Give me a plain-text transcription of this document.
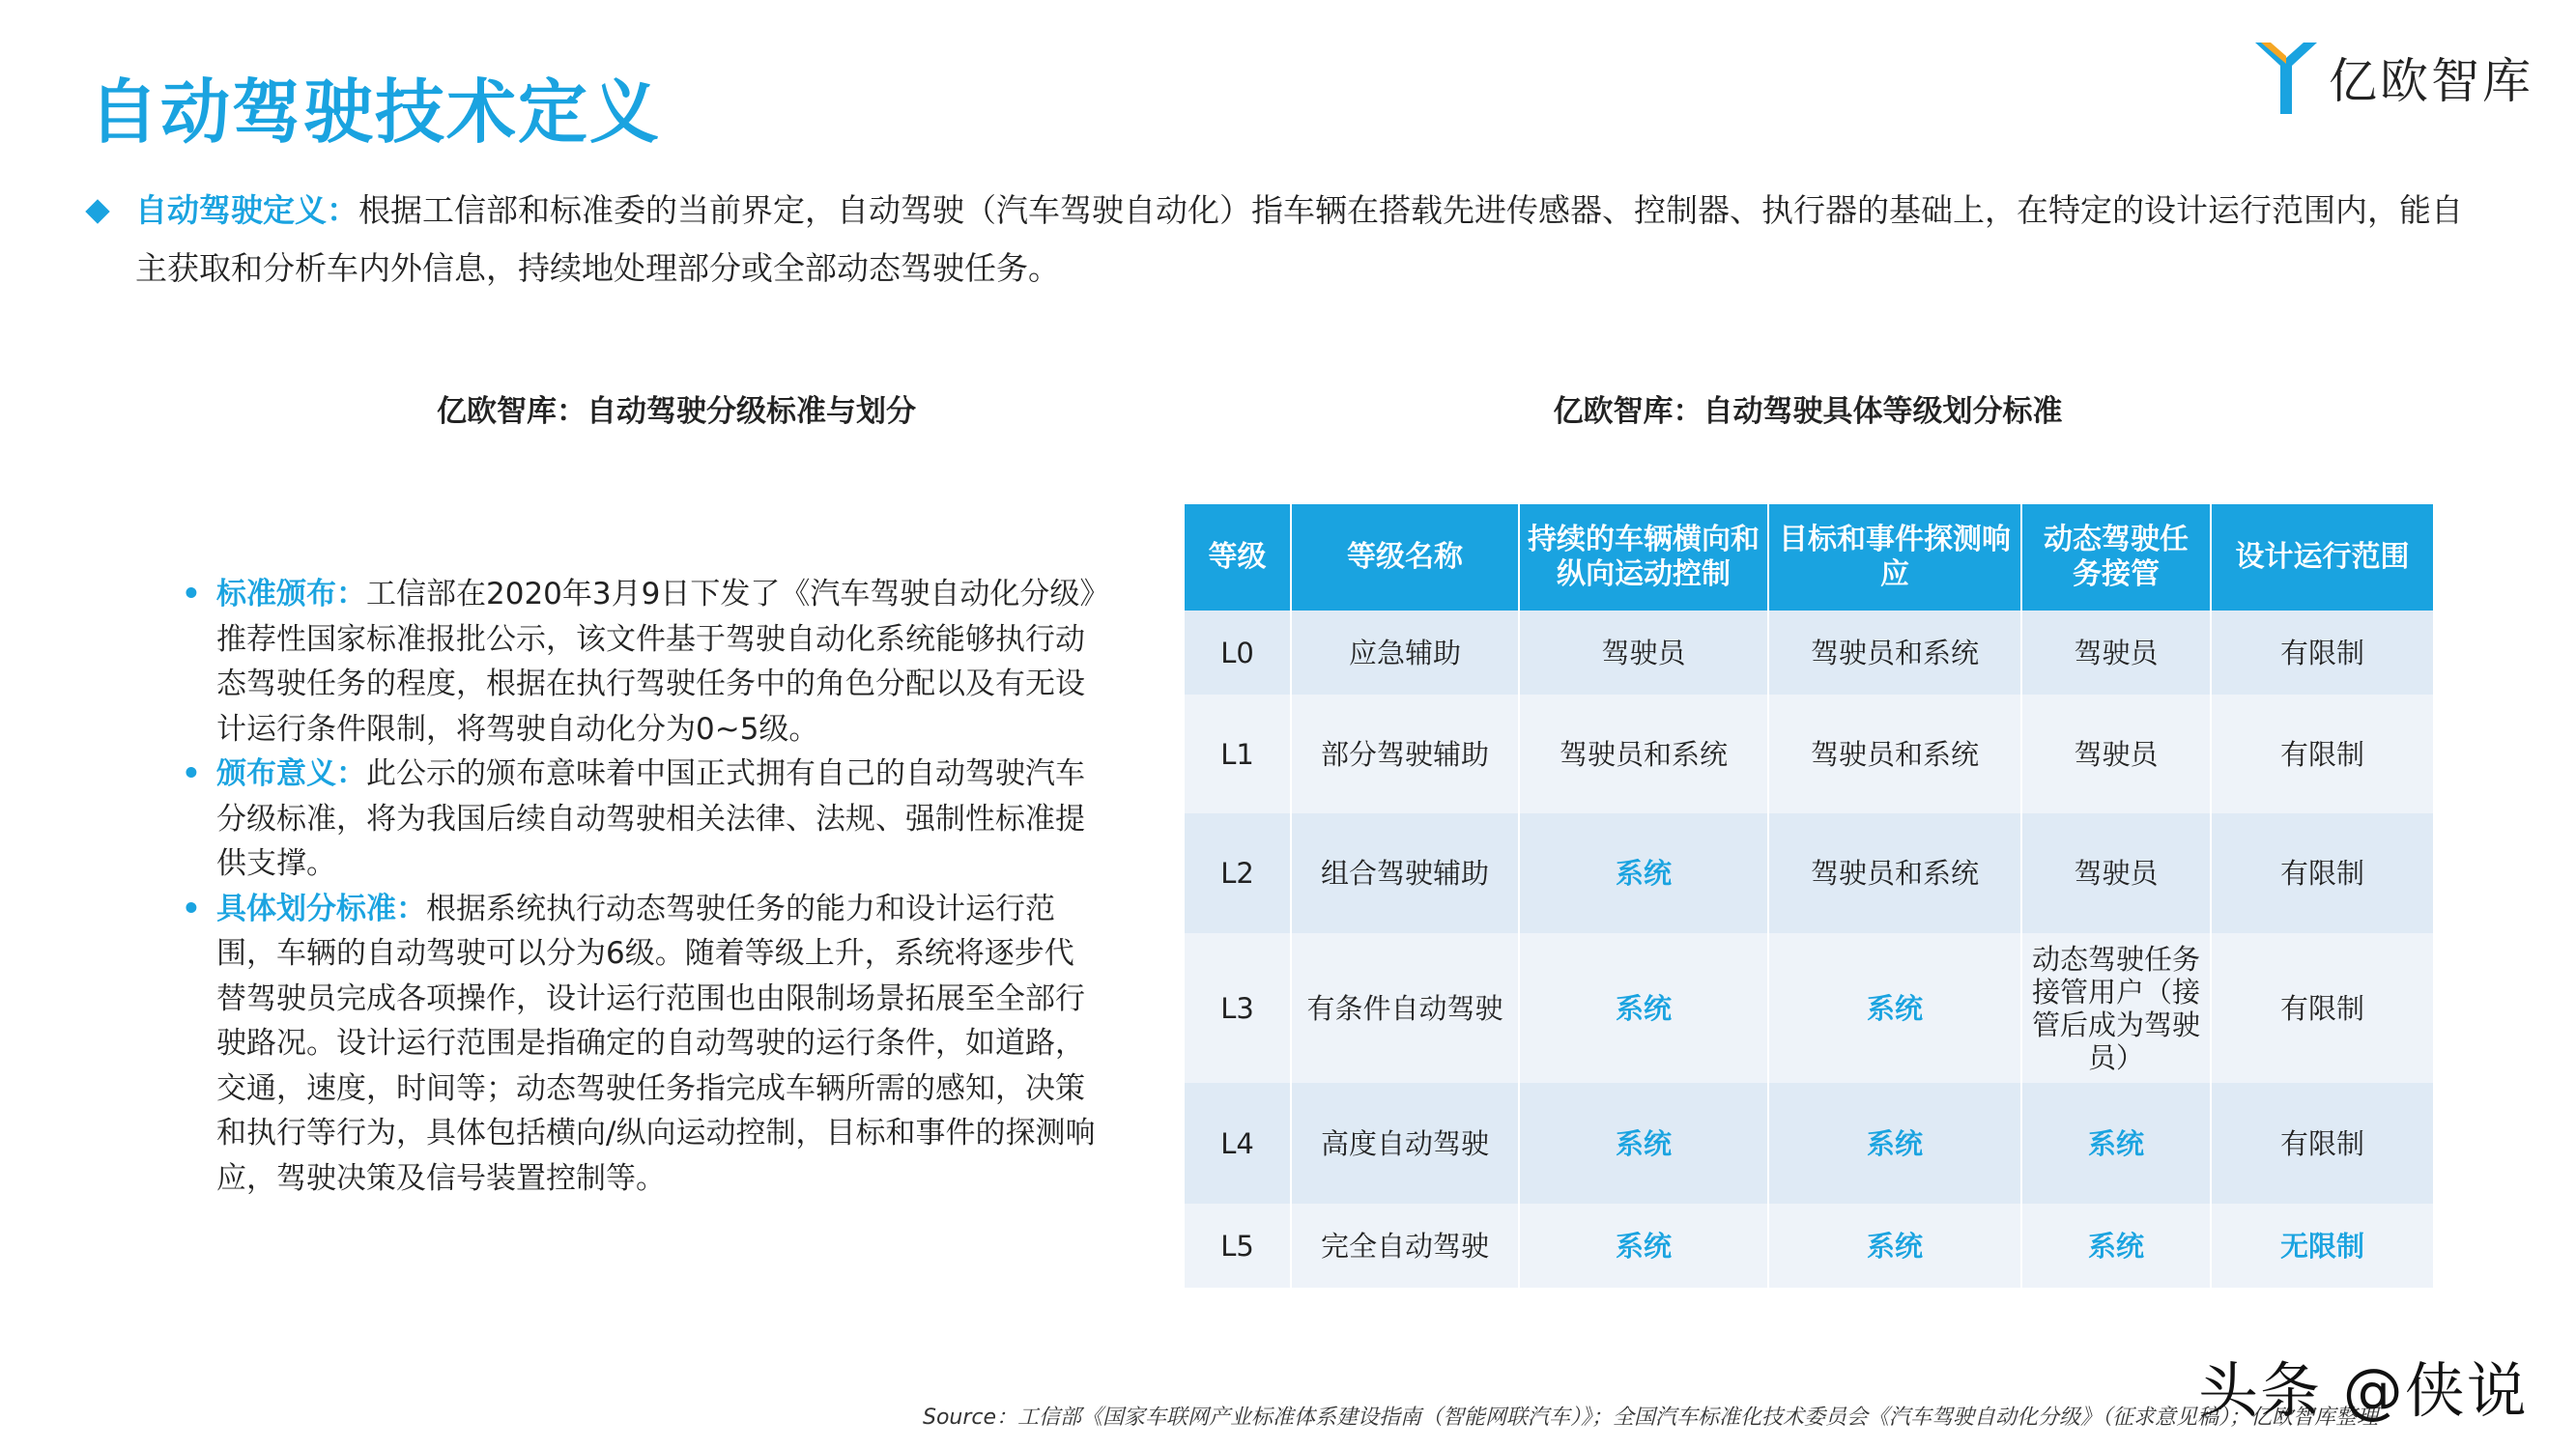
自动驾驶技术定义	亿欧智库
自动驾驶定义：根据工信部和标准委的当前界定，自动驾驶（汽车驾驶自动化）指车辆在搭载先进传感器、控制器、执行器的基础上，在特定的设计运行范围内，能自主获取和分析车内外信息，持续地处理部分或全部动态驾驶任务。
亿欧智库：自动驾驶分级标准与划分	亿欧智库：自动驾驶具体等级划分标准
• 标准颁布：工信部在2020年3月9日下发了《汽车驾驶自动化分级》推荐性国家标准报批公示，该文件基于驾驶自动化系统能够执行动态驾驶任务的程度，根据在执行驾驶任务中的角色分配以及有无设计运行条件限制，将驾驶自动化分为0~5级。
• 颁布意义：此公示的颁布意味着中国正式拥有自己的自动驾驶汽车分级标准，将为我国后续自动驾驶相关法律、法规、强制性标准提供支撑。
• 具体划分标准：根据系统执行动态驾驶任务的能力和设计运行范围，车辆的自动驾驶可以分为6级。随着等级上升，系统将逐步代替驾驶员完成各项操作，设计运行范围也由限制场景拓展至全部行驶路况。设计运行范围是指确定的自动驾驶的运行条件，如道路，交通，速度，时间等；动态驾驶任务指完成车辆所需的感知，决策和执行等行为，具体包括横向/纵向运动控制，目标和事件的探测响应，驾驶决策及信号装置控制等。
等级	等级名称	持续的车辆横向和纵向运动控制	目标和事件探测响应	动态驾驶任务接管	设计运行范围
L0	应急辅助	驾驶员	驾驶员和系统	驾驶员	有限制
L1	部分驾驶辅助	驾驶员和系统	驾驶员和系统	驾驶员	有限制
L2	组合驾驶辅助	系统	驾驶员和系统	驾驶员	有限制
L3	有条件自动驾驶	系统	系统	动态驾驶任务接管用户（接管后成为驾驶员）	有限制
L4	高度自动驾驶	系统	系统	系统	有限制
L5	完全自动驾驶	系统	系统	系统	无限制
Source：工信部《国家车联网产业标准体系建设指南（智能网联汽车）》；全国汽车标准化技术委员会《汽车驾驶自动化分级》（征求意见稿）；亿欧智库整理
头条 @侠说
